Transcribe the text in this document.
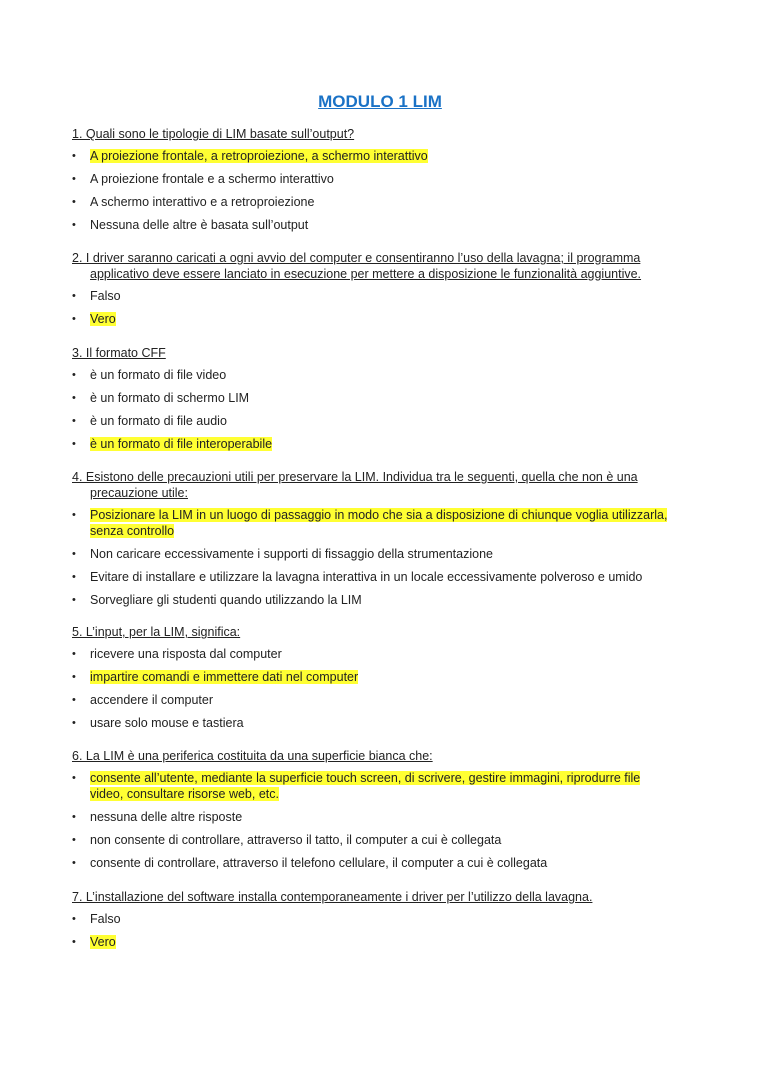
MODULO 1 LIM

1. Quali sono le tipologie di LIM basate sull’output?

•	A proiezione frontale, a retroproiezione, a schermo interattivo
•	A proiezione frontale e a schermo interattivo
•	A schermo interattivo e a retroproiezione
•	Nessuna delle altre è basata sull’output

2. I driver saranno caricati a ogni avvio del computer e consentiranno l’uso della lavagna; il programma
applicativo deve essere lanciato in esecuzione per mettere a disposizione le funzionalità aggiuntive.

•	Falso
•	Vero

3. Il formato CFF

•	è un formato di file video
•	è un formato di schermo LIM
•	è un formato di file audio
•	è un formato di file interoperabile

4. Esistono delle precauzioni utili per preservare la LIM. Individua tra le seguenti, quella che non è una
precauzione utile:

•	Posizionare la LIM in un luogo di passaggio in modo che sia a disposizione di chiunque voglia utilizzarla,
senza controllo
•	Non caricare eccessivamente i supporti di fissaggio della strumentazione
•	Evitare di installare e utilizzare la lavagna interattiva in un locale eccessivamente polveroso e umido
•	Sorvegliare gli studenti quando utilizzando la LIM

5. L’input, per la LIM, significa:

•	ricevere una risposta dal computer
•	impartire comandi e immettere dati nel computer
•	accendere il computer
•	usare solo mouse e tastiera

6. La LIM è una periferica costituita da una superficie bianca che:

•	consente all’utente, mediante la superficie touch screen, di scrivere, gestire immagini, riprodurre file
video, consultare risorse web, etc.
•	nessuna delle altre risposte
•	non consente di controllare, attraverso il tatto, il computer a cui è collegata
•	consente di controllare, attraverso il telefono cellulare, il computer a cui è collegata

7. L’installazione del software installa contemporaneamente i driver per l’utilizzo della lavagna.

•	Falso
•	Vero
